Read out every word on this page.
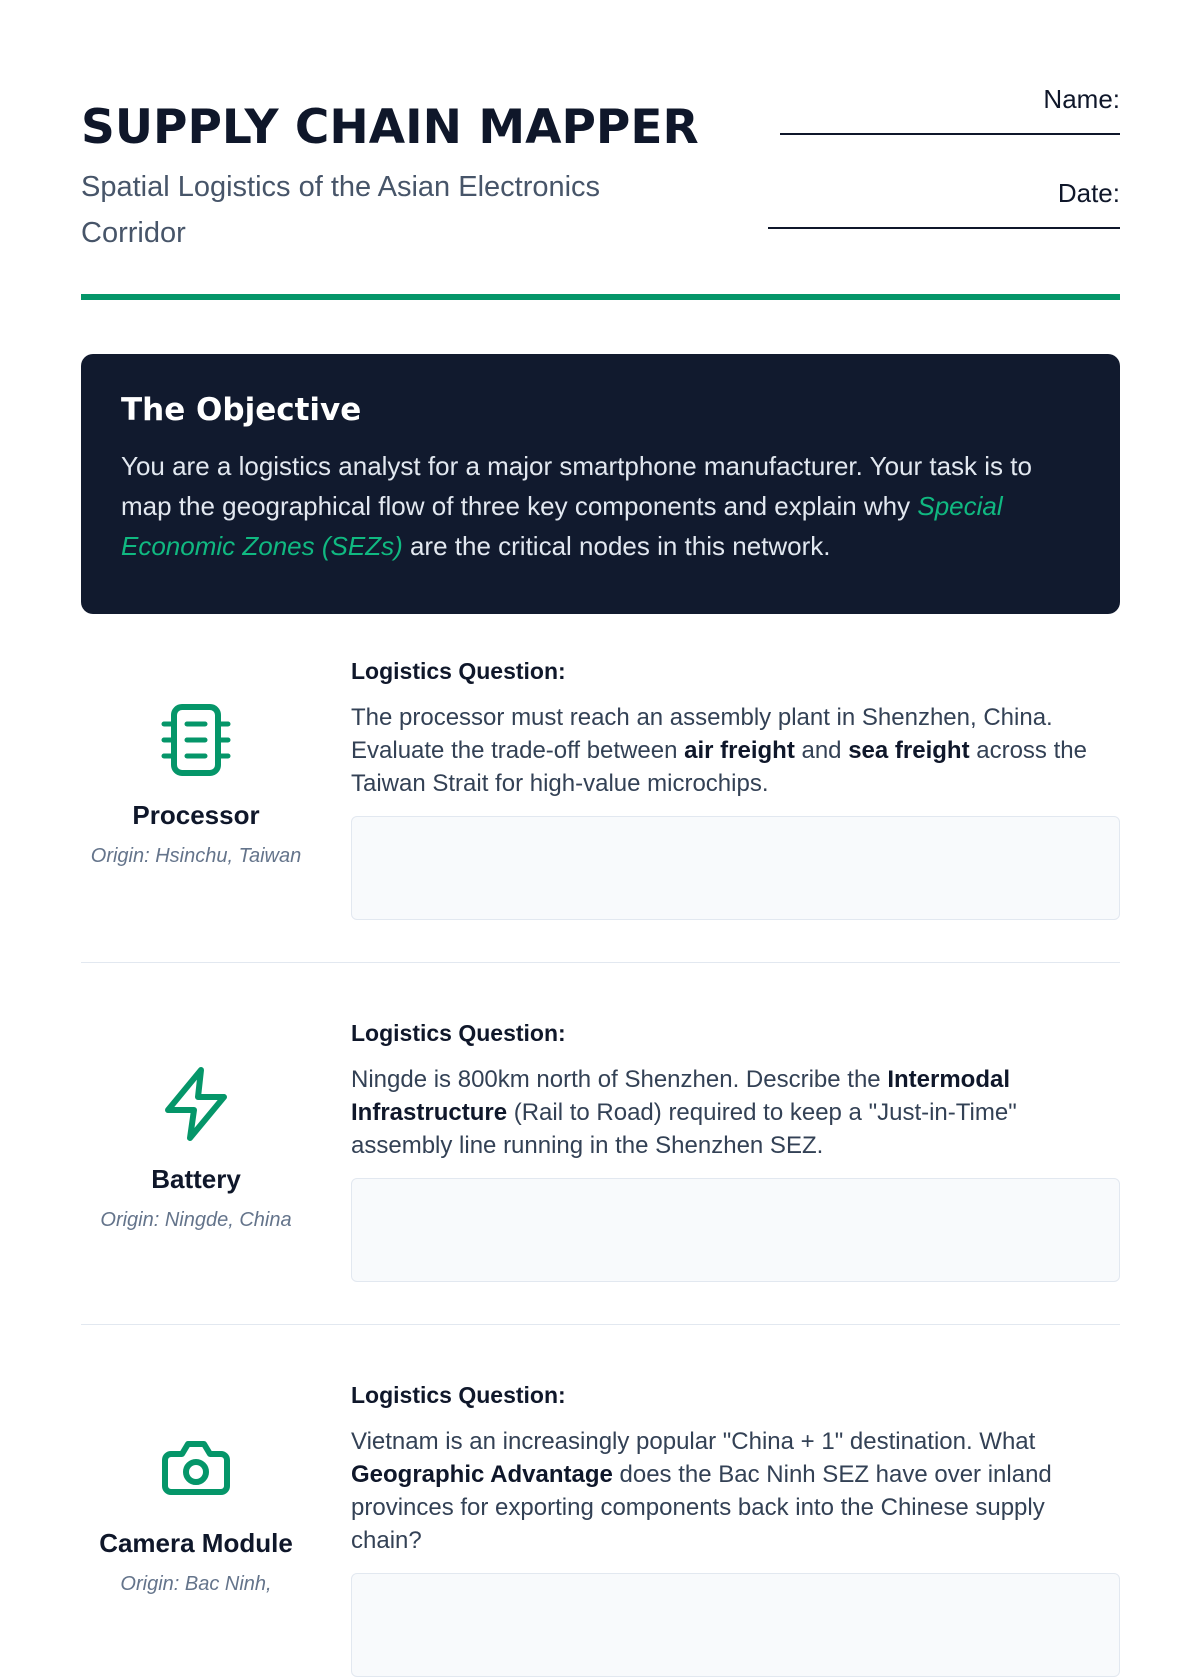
SUPPLY CHAIN MAPPER
Spatial Logistics of the Asian Electronics Corridor
Name:
Date:
The Objective

You are a logistics analyst for a major smartphone manufacturer. Your task is to map the geographical flow of three key components and explain why Special Economic Zones (SEZs) are the critical nodes in this network.

Processor
Origin: Hsinchu, Taiwan
Logistics Question:
The processor must reach an assembly plant in Shenzhen, China. Evaluate the trade-off between air freight and sea freight across the Taiwan Strait for high-value microchips.
Battery
Origin: Ningde, China
Logistics Question:
Ningde is 800km north of Shenzhen. Describe the Intermodal Infrastructure (Rail to Road) required to keep a "Just-in-Time" assembly line running in the Shenzhen SEZ.
Camera Module
Origin: Bac Ninh,
Logistics Question:
Vietnam is an increasingly popular "China + 1" destination. What Geographic Advantage does the Bac Ninh SEZ have over inland provinces for exporting components back into the Chinese supply chain?
